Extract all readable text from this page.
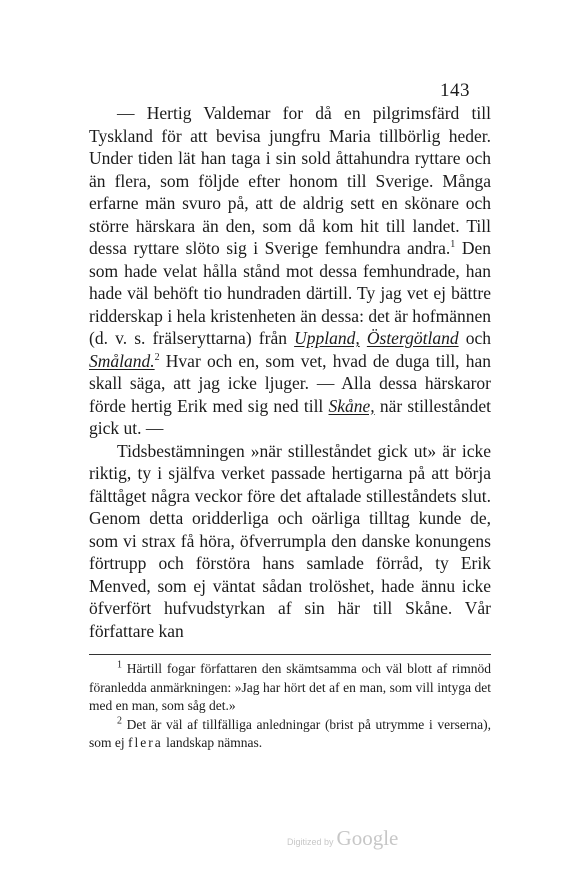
143

— Hertig Valdemar for då en pilgrimsfärd till Tyskland för att bevisa jungfru Maria tillbörlig heder. Under tiden lät han taga i sin sold åttahundra ryttare och än flera, som följde efter honom till Sverige. Många erfarne män svuro på, att de aldrig sett en skönare och större härskara än den, som då kom hit till landet. Till dessa ryttare slöto sig i Sverige femhundra andra.$^1$ Den som hade velat hålla stånd mot dessa femhundrade, han hade väl behöft tio hundraden därtill. Ty jag vet ej bättre ridderskap i hela kristenheten än dessa: det är hofmännen (d. v. s. frälseryttarna) från Uppland, Östergötland och Småland.$^2$ Hvar och en, som vet, hvad de duga till, han skall säga, att jag icke ljuger. — Alla dessa härskaror förde hertig Erik med sig ned till Skåne, när stilleståndet gick ut. —

Tidsbestämningen »när stilleståndet gick ut» är icke riktig, ty i själfva verket passade hertigarna på att börja fälttåget några veckor före det aftalade stilleståndets slut. Genom detta oridderliga och oärliga tilltag kunde de, som vi strax få höra, öfverrumpla den danske konungens förtrupp och förstöra hans samlade förråd, ty Erik Menved, som ej väntat sådan trolöshet, hade ännu icke öfverfört hufvudstyrkan af sin här till Skåne. Vår författare kan

$^1$ Härtill fogar författaren den skämtsamma och väl blott af rimnöd föranledda anmärkningen: »Jag har hört det af en man, som vill intyga det med en man, som såg det.»

$^2$ Det är väl af tillfälliga anledningar (brist på utrymme i verserna), som ej flera landskap nämnas.

Digitized by Google
